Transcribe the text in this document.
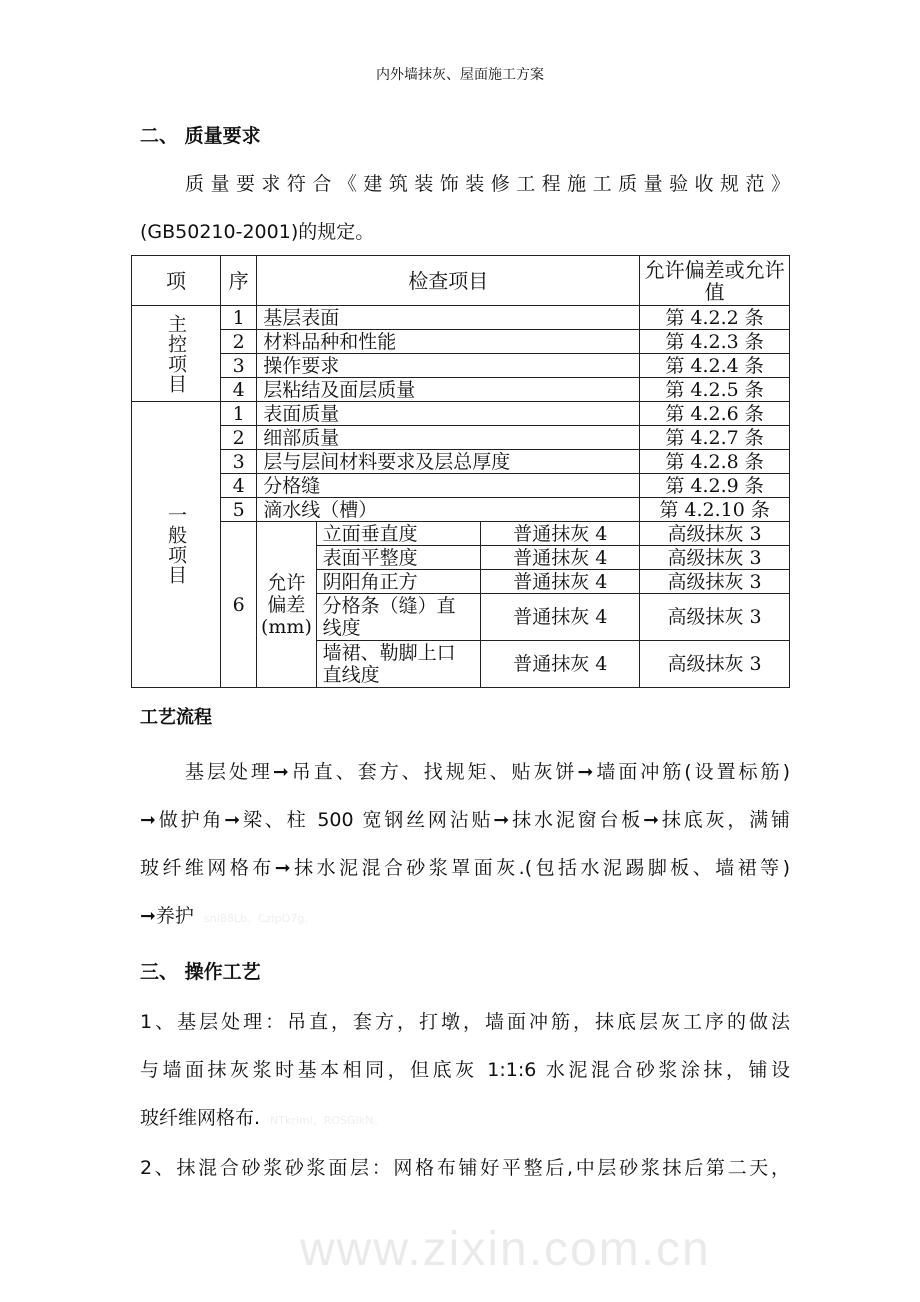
内外墙抹灰、屋面施工方案
二、 质量要求
质量要求符合《建筑装饰装修工程施工质量验收规范》
(GB50210-2001)的规定。
项	序	检查项目			允许偏差或允许值
主控项目	1	基层表面			第 4.2.2 条
	2	材料品种和性能			第 4.2.3 条
	3	操作要求			第 4.2.4 条
	4	层粘结及面层质量			第 4.2.5 条
一般项目	1	表面质量			第 4.2.6 条
	2	细部质量			第 4.2.7 条
	3	层与层间材料要求及层总厚度			第 4.2.8 条
	4	分格缝			第 4.2.9 条
	5	滴水线（槽）			第 4.2.10 条
	6	允许偏差(mm)	立面垂直度	普通抹灰 4	高级抹灰 3
			表面平整度	普通抹灰 4	高级抹灰 3
			阴阳角正方	普通抹灰 4	高级抹灰 3
			分格条（缝）直线度	普通抹灰 4	高级抹灰 3
			墙裙、勒脚上口直线度	普通抹灰 4	高级抹灰 3
工艺流程
基层处理➞吊直、套方、找规矩、贴灰饼➞墙面冲筋(设置标筋)
➞做护角➞梁、柱 500 宽钢丝网沾贴➞抹水泥窗台板➞抹底灰，满铺
玻纤维网格布➞抹水泥混合砂浆罩面灰.(包括水泥踢脚板、墙裙等)
➞养护 snI88Lb。CzIpO7g。
三、 操作工艺
1、基层处理：吊直，套方，打墩，墙面冲筋，抹底层灰工序的做法
与墙面抹灰浆时基本相同，但底灰 1:1:6 水泥混合砂浆涂抹，铺设
玻纤维网格布. NTkrlml，ROSGIkN。
2、抹混合砂浆砂浆面层：网格布铺好平整后,中层砂浆抹后第二天，
www.zixin.com.cn
